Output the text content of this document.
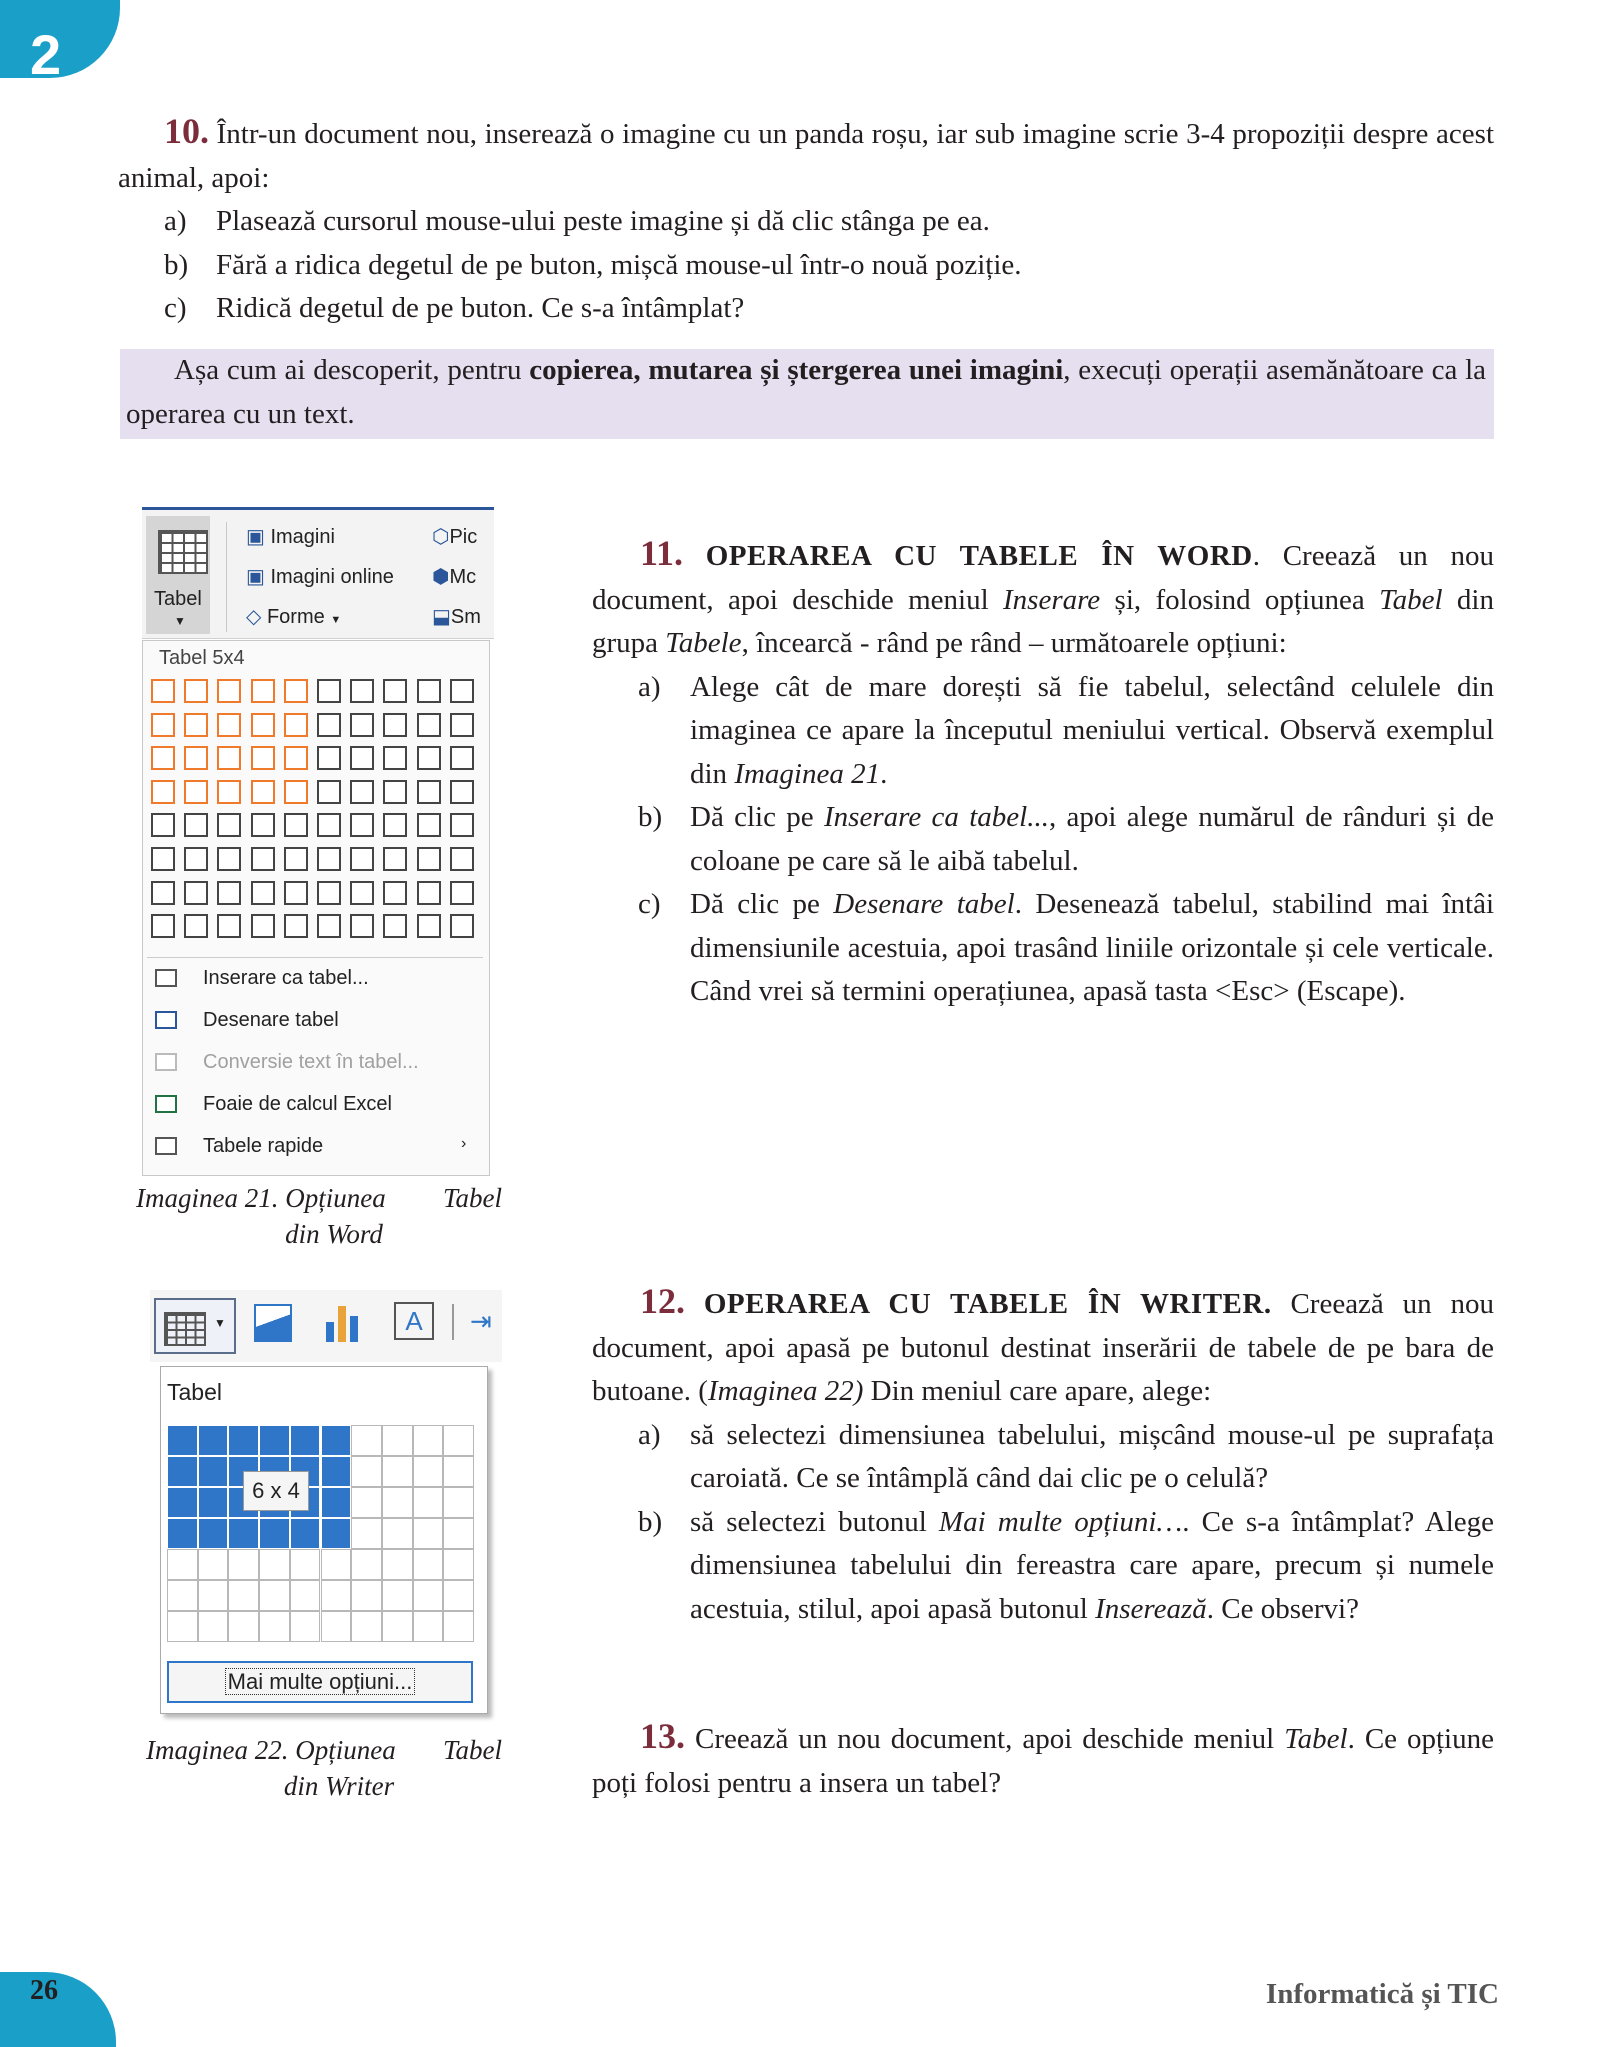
2
26	Informatică și TIC
10. Într-un document nou, inserează o imagine cu un panda roșu, iar sub imagine scrie 3-4 propoziții despre acest animal, apoi:
a)	Plasează cursorul mouse-ului peste imagine și dă clic stânga pe ea.
b) Fără a ridica degetul de pe buton, mișcă mouse-ul într-o nouă poziție.
c)	Ridică degetul de pe buton. Ce s-a întâmplat?
Așa cum ai descoperit, pentru copierea, mutarea și ștergerea unei imagini, execuți operații asemănătoare ca la operarea cu un text.
Tabel
▼
▣ Imagini
▣ Imagini online
◇ Forme ▼
⬡Pic
⬢Mc
⬓Sm
Tabel 5x4
Inserare ca tabel...
Desenare tabel
Conversie text în tabel...
Foaie de calcul Excel
Tabele rapide	›
Imaginea 21. Opțiunea Tabel
din Word
11. OPERAREA CU TABELE ÎN WORD. Creează un nou document, apoi deschide meniul Inserare și, folosind opțiunea Tabel din grupa Tabele, încearcă - rând pe rând – următoarele opțiuni:
a)	Alege cât de mare dorești să fie tabelul, selectând celulele din imaginea ce apare la începutul meniului vertical. Observă exemplul din Imaginea 21.
b) Dă clic pe Inserare ca tabel..., apoi alege numărul de rânduri și de coloane pe care să le aibă tabelul.
c)	Dă clic pe Desenare tabel. Desenează tabelul, stabilind mai întâi dimensiunile acestuia, apoi trasând liniile orizontale și cele verticale. Când vrei să termini operațiunea, apasă tasta <Esc> (Escape).
▼	A	⇥
Tabel
6 x 4
Mai multe opțiuni...
Imaginea 22. Opțiunea Tabel
din Writer
12. OPERAREA CU TABELE ÎN WRITER. Creează un nou document, apoi apasă pe butonul destinat inserării de tabele de pe bara de butoane. (Imaginea 22) Din meniul care apare, alege:
a)	să selectezi dimensiunea tabelului, mișcând mouse-ul pe suprafața caroiată. Ce se întâmplă când dai clic pe o celulă?
b) să selectezi butonul Mai multe opțiuni…. Ce s-a întâmplat? Alege dimensiunea tabelului din fereastra care apare, precum și numele acestuia, stilul, apoi apasă butonul Inserează. Ce observi?
13. Creează un nou document, apoi deschide meniul Tabel. Ce opțiune poți folosi pentru a insera un tabel?
